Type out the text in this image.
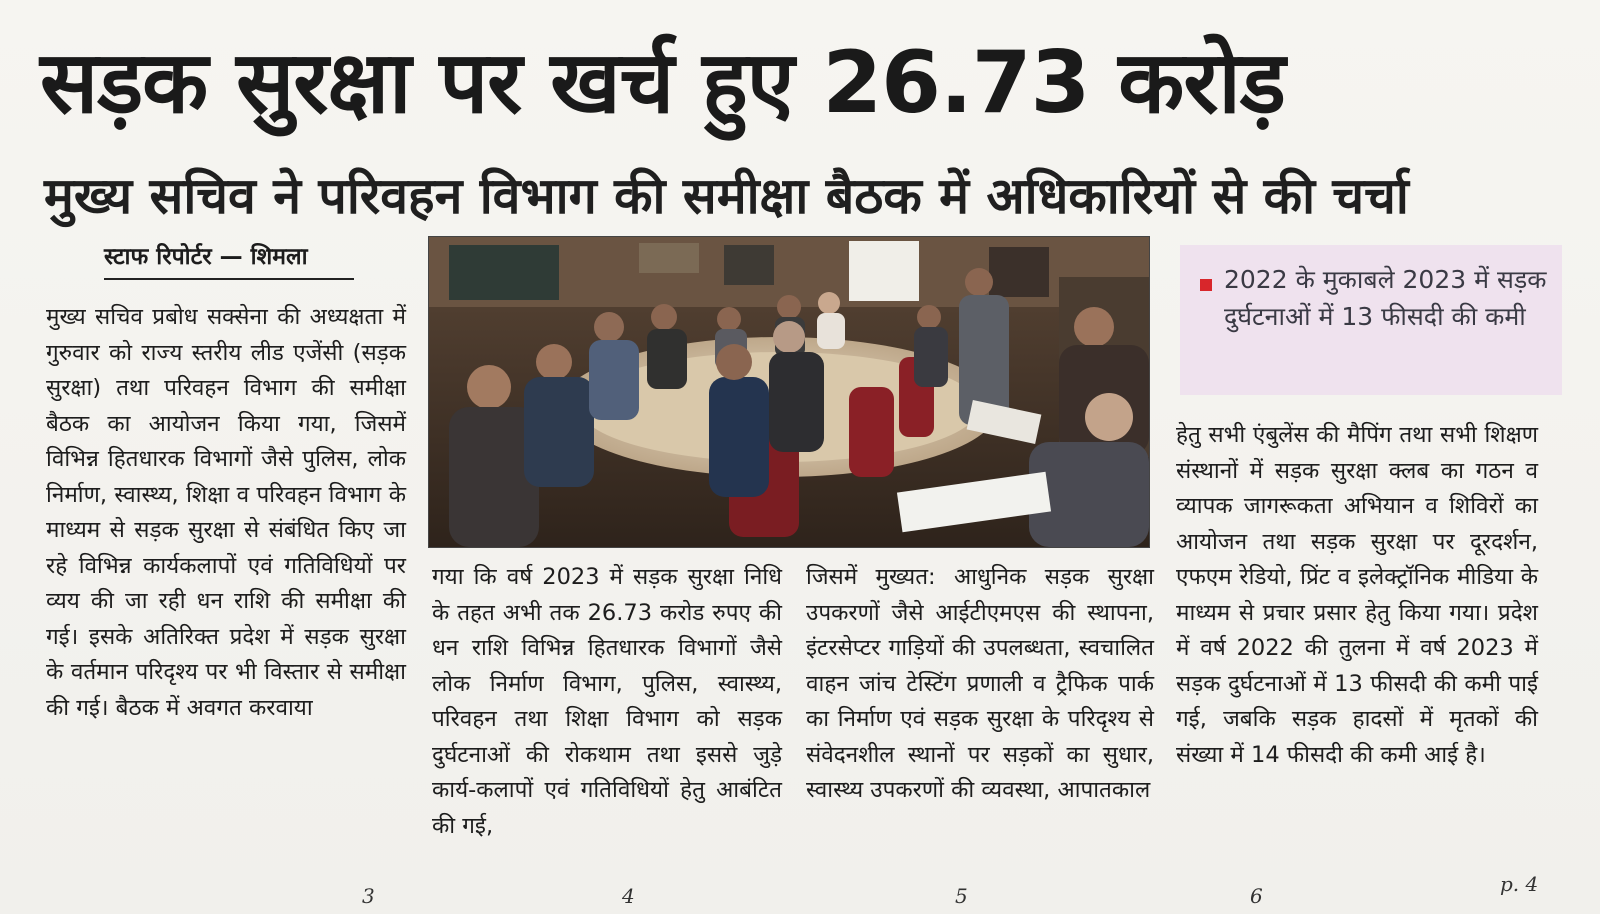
सड़क सुरक्षा पर खर्च हुए 26.73 करोड़
मुख्य सचिव ने परिवहन विभाग की समीक्षा बैठक में अधिकारियों से की चर्चा
स्टाफ रिपोर्टर — शिमला

मुख्य सचिव प्रबोध सक्सेना की अध्यक्षता में गुरुवार को राज्य स्तरीय लीड एजेंसी (सड़क सुरक्षा) तथा परिवहन विभाग की समीक्षा बैठक का आयोजन किया गया, जिसमें विभिन्न हितधारक विभागों जैसे पुलिस, लोक निर्माण, स्वास्थ्य, शिक्षा व परिवहन विभाग के माध्यम से सड़क सुरक्षा से संबंधित किए जा रहे विभिन्न कार्यकलापों एवं गतिविधियों पर व्यय की जा रही धन राशि की समीक्षा की गई। इसके अतिरिक्त प्रदेश में सड़क सुरक्षा के वर्तमान परिदृश्य पर भी विस्तार से समीक्षा की गई। बैठक में अवगत करवाया

2022 के मुकाबले 2023 में सड़क दुर्घटनाओं में 13 फीसदी की कमी

गया कि वर्ष 2023 में सड़क सुरक्षा निधि के तहत अभी तक 26.73 करोड रुपए की धन राशि विभिन्न हितधारक विभागों जैसे लोक निर्माण विभाग, पुलिस, स्वास्थ्य, परिवहन तथा शिक्षा विभाग को सड़क दुर्घटनाओं की रोकथाम तथा इससे जुड़े कार्य-कलापों एवं गतिविधियों हेतु आबंटित की गई,

जिसमें मुख्यत: आधुनिक सड़क सुरक्षा उपकरणों जैसे आईटीएमएस की स्थापना, इंटरसेप्टर गाड़ियों की उपलब्धता, स्वचालित वाहन जांच टेस्टिंग प्रणाली व ट्रैफिक पार्क का निर्माण एवं सड़क सुरक्षा के परिदृश्य से संवेदनशील स्थानों पर सड़कों का सुधार, स्वास्थ्य उपकरणों की व्यवस्था, आपातकाल

हेतु सभी एंबुलेंस की मैपिंग तथा सभी शिक्षण संस्थानों में सड़क सुरक्षा क्लब का गठन व व्यापक जागरूकता अभियान व शिविरों का आयोजन तथा सड़क सुरक्षा पर दूरदर्शन, एफएम रेडियो, प्रिंट व इलेक्ट्रॉनिक मीडिया के माध्यम से प्रचार प्रसार हेतु किया गया। प्रदेश में वर्ष 2022 की तुलना में वर्ष 2023 में सड़क दुर्घटनाओं में 13 फीसदी की कमी पाई गई, जबकि सड़क हादसों में मृतकों की संख्या में 14 फीसदी की कमी आई है।

3	4	5	6	p. 4
